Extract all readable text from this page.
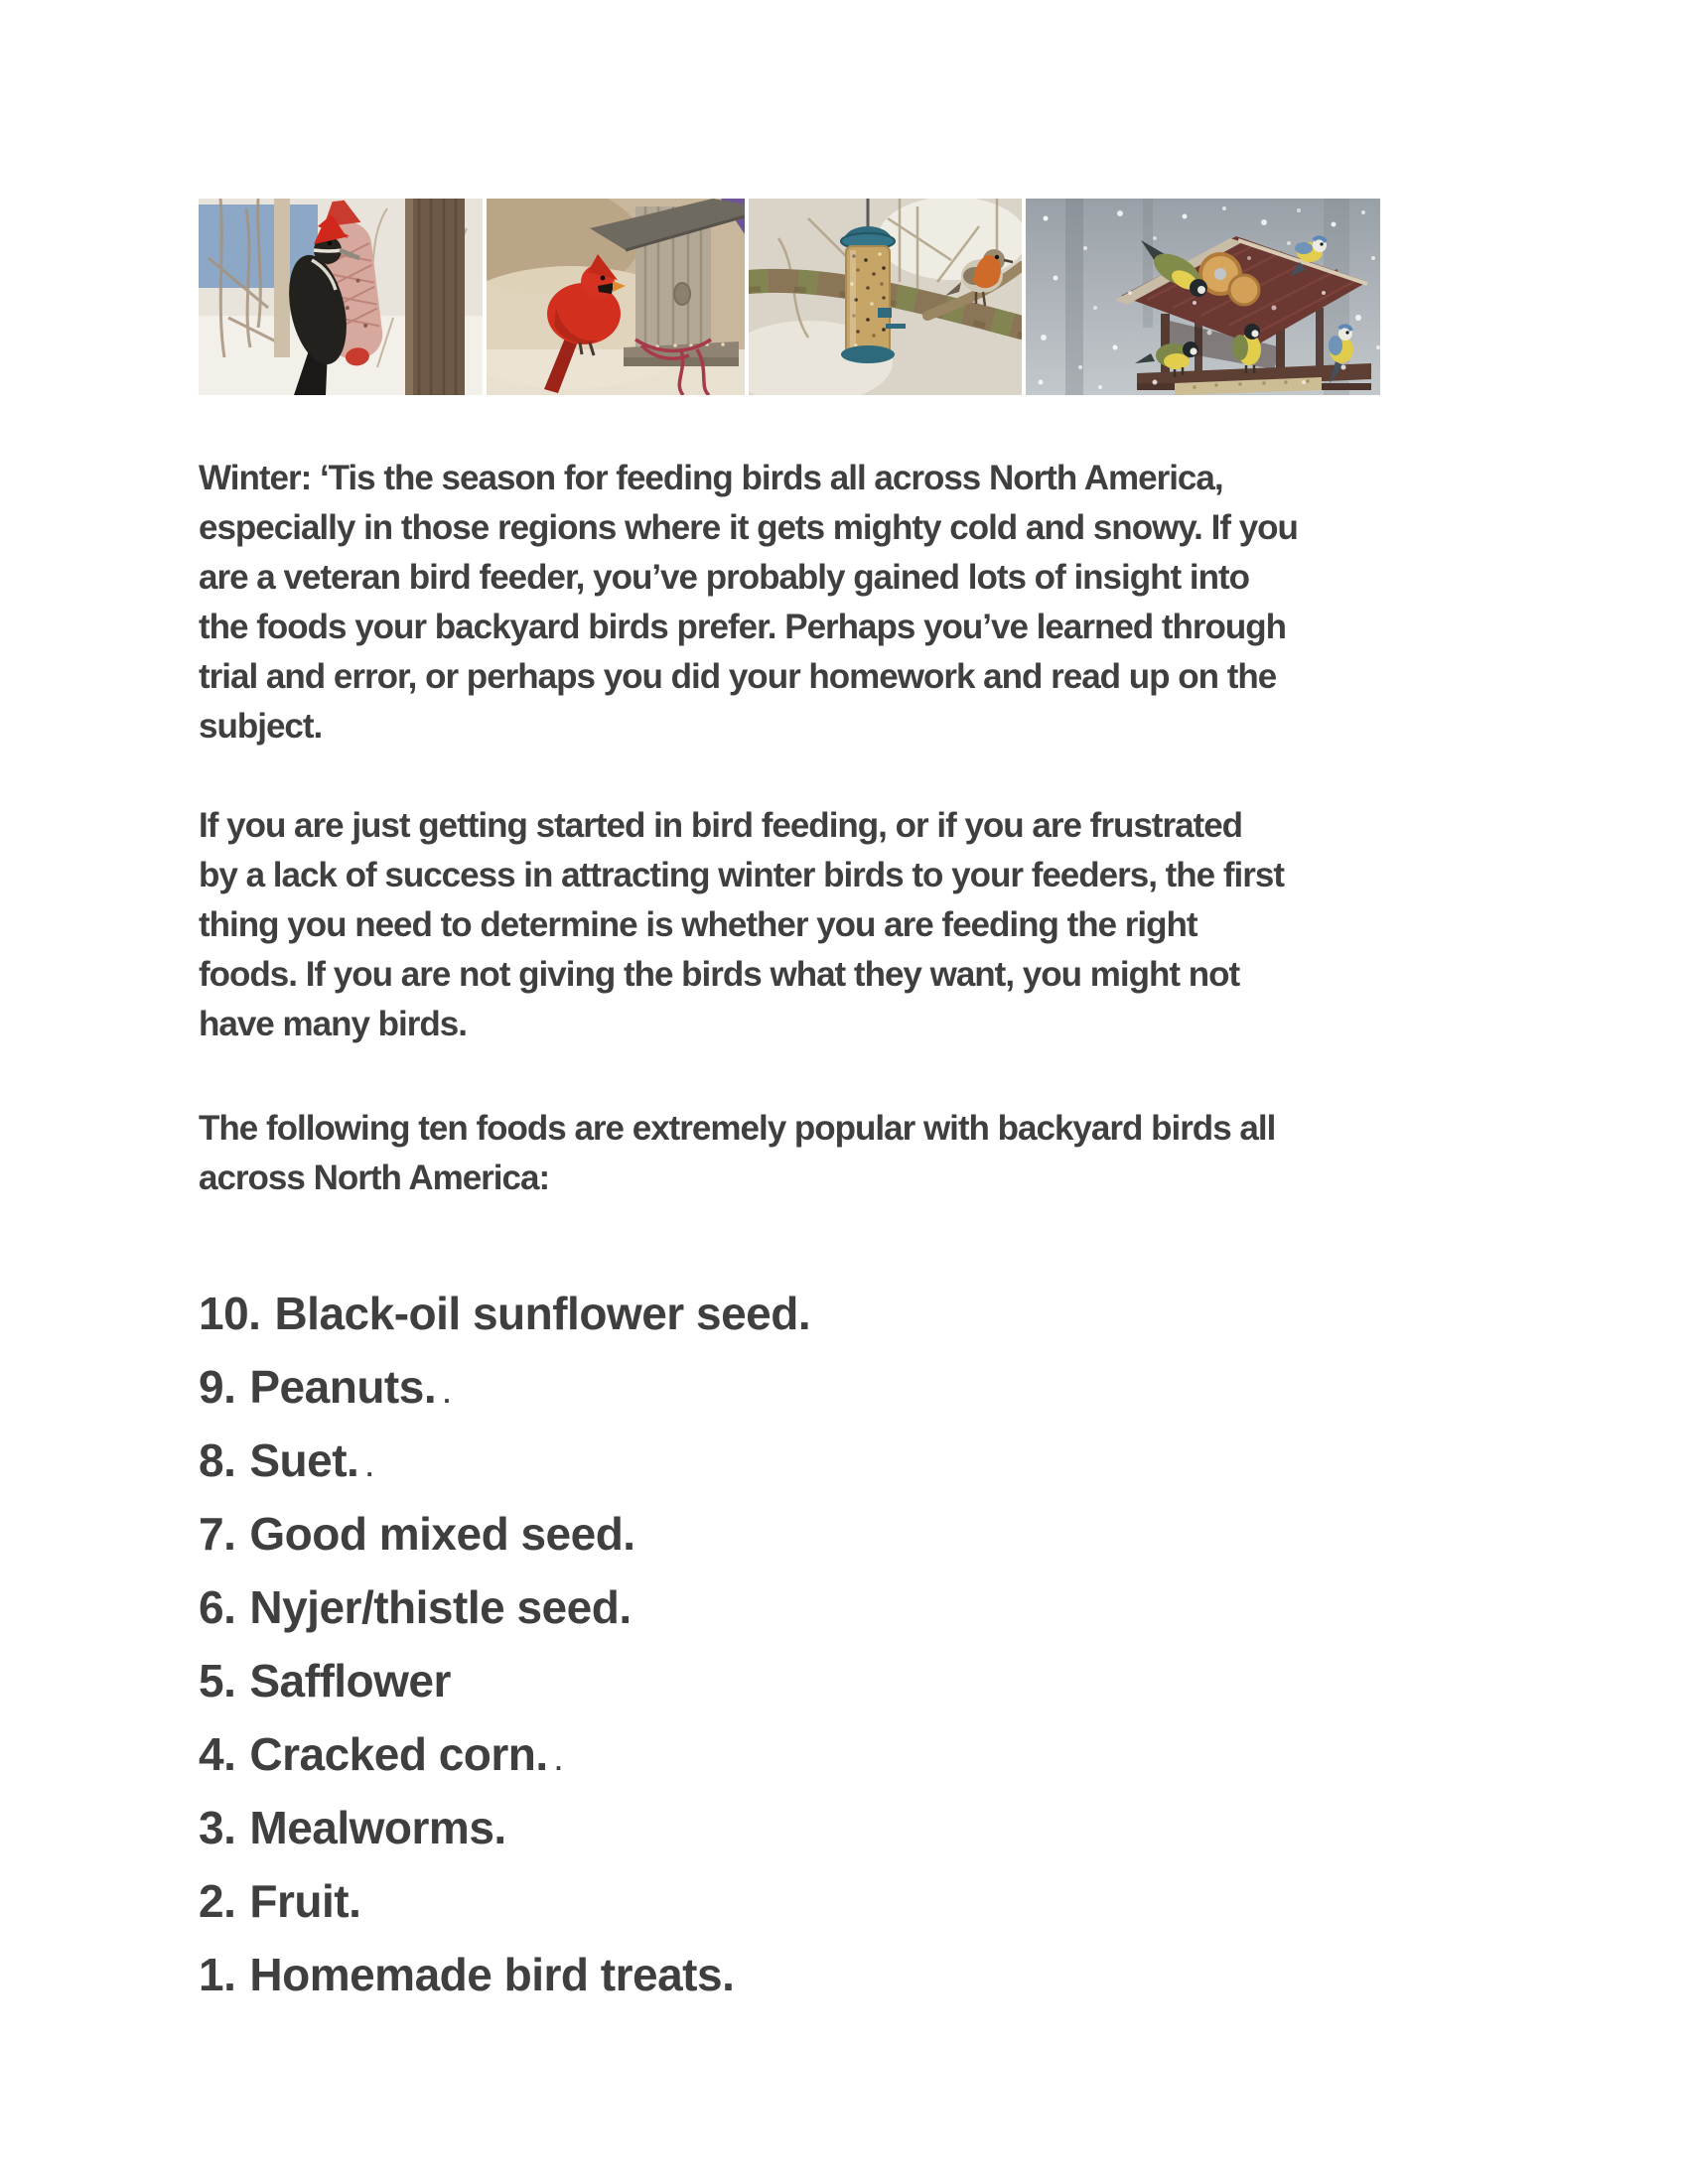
Winter: ‘Tis the season for feeding birds all across North America,
especially in those regions where it gets mighty cold and snowy. If you
are a veteran bird feeder, you’ve probably gained lots of insight into
the foods your backyard birds prefer. Perhaps you’ve learned through
trial and error, or perhaps you did your homework and read up on the
subject.
If you are just getting started in bird feeding, or if you are frustrated
by a lack of success in attracting winter birds to your feeders, the first
thing you need to determine is whether you are feeding the right
foods. If you are not giving the birds what they want, you might not
have many birds.
The following ten foods are extremely popular with backyard birds all
across North America:
10. Black-oil sunflower seed.
9. Peanuts. .
8. Suet. .
7. Good mixed seed.
6. Nyjer/thistle seed.
5. Safflower
4. Cracked corn. .
3. Mealworms.
2. Fruit.
1. Homemade bird treats.
